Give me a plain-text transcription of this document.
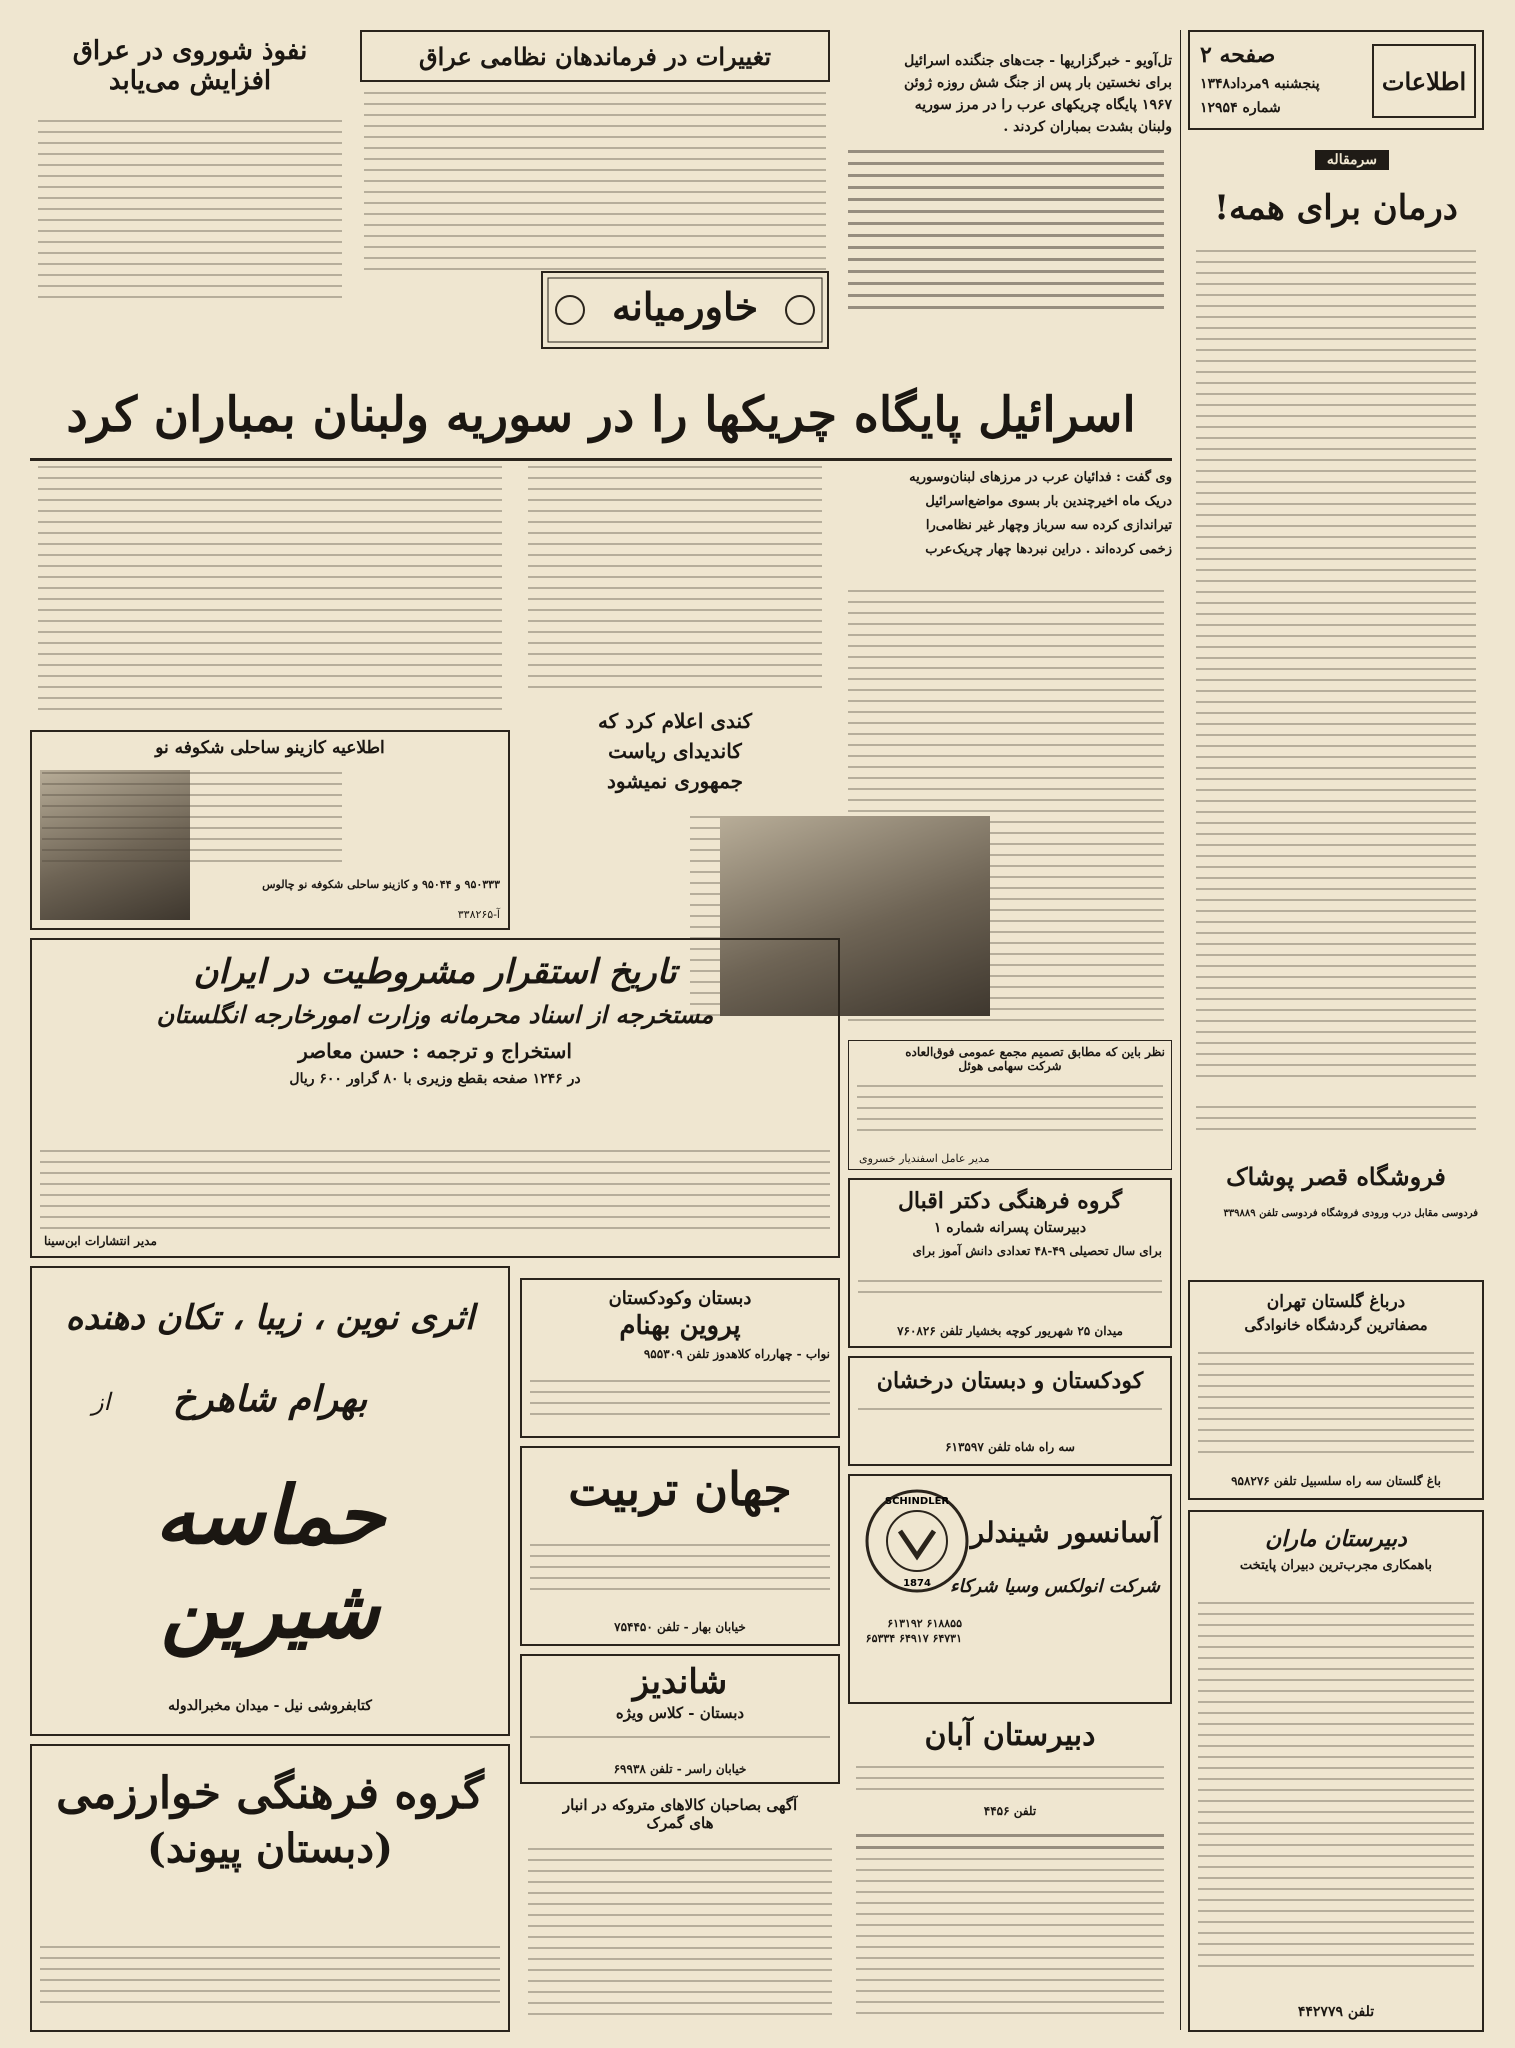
اطلاعات
صفحه ۲
پنجشنبه ۹مرداد۱۳۴۸
شماره ۱۲۹۵۴
سرمقاله
درمان برای همه!
تل‌آویو - خبرگزاریها - جت‌های جنگنده اسرائیل
برای نخستین بار پس از جنگ شش روزه ژوئن
۱۹۶۷ پایگاه چریکهای عرب را در مرز سوریه
ولبنان بشدت بمباران کردند .
تغییرات در فرماندهان نظامی عراق
نفوذ شوروی در عراق
افزایش می‌یابد
خاورمیانه
اسرائیل پایگاه چریکها را در سوریه ولبنان بمباران کرد
وی گفت : فدائیان عرب در مرزهای لبنان‌وسوریه
دریک ماه اخیرچندین بار بسوی مواضع‌اسرائیل
تیراندازی کرده سه سرباز وچهار غیر نظامی‌را
زخمی کرده‌اند . دراین نبردها چهار چریک‌عرب
کندی اعلام کرد که
کاندیدای ریاست
جمهوری نمیشود
اطلاعیه کازینو ساحلی شکوفه نو
۹۵۰۳۳۳ و ۹۵۰۴۴ و کازینو ساحلی شکوفه نو چالوس
آ-۳۳۸۲۶۵
تاریخ استقرار مشروطیت در ایران
مستخرجه از اسناد محرمانه وزارت امورخارجه انگلستان
استخراج و ترجمه : حسن معاصر
در ۱۲۴۶ صفحه بقطع وزیری با ۸۰ گراور ۶۰۰ ریال
مدیر انتشارات ابن‌سینا
نظر باین که مطابق تصمیم مجمع عمومی فوق‌العاده
شرکت سهامی هوئل
مدیر عامل اسفندیار خسروی
گروه فرهنگی دکتر اقبال
دبیرستان پسرانه شماره ۱
برای سال تحصیلی ۴۹-۴۸ تعدادی دانش آموز برای
میدان ۲۵ شهریور کوچه بخشیار تلفن ۷۶۰۸۲۶
دبستان وکودکستان
پروین بهنام
نواب - چهارراه کلاهدوز تلفن ۹۵۵۳۰۹
کودکستان و دبستان درخشان
سه راه شاه تلفن ۶۱۳۵۹۷
فروشگاه قصر پوشاک
فردوسی مقابل درب ورودی فروشگاه فردوسی تلفن ۳۳۹۸۸۹
درباغ گلستان تهران
مصفاترین گردشگاه خانوادگی
باغ گلستان سه راه سلسبیل تلفن ۹۵۸۲۷۶
اثری نوین ، زیبا ، تکان دهنده
از	بهرام شاهرخ
حماسه شیرین
کتابفروشی نیل - میدان مخبرالدوله
جهان تربیت
خیابان بهار - تلفن ۷۵۴۴۵۰
SCHINDLER
1874
آسانسور شیندلر
شرکت انولکس وسیا شرکاء
۶۱۸۸۵۵ ۶۱۳۱۹۲ ۶۴۷۳۱ ۶۴۹۱۷ ۶۵۳۳۴
شاندیز
دبستان - کلاس ویژه
خیابان راسر - تلفن ۶۹۹۳۸
دبیرستان آبان
تلفن ۴۴۵۶
آگهی بصاحبان کالاهای متروکه در انبار
های گمرک
گروه فرهنگی خوارزمی
(دبستان پیوند)
دبیرستان ماران
باهمکاری مجرب‌ترین دبیران پایتخت
تلفن ۴۴۲۷۷۹
